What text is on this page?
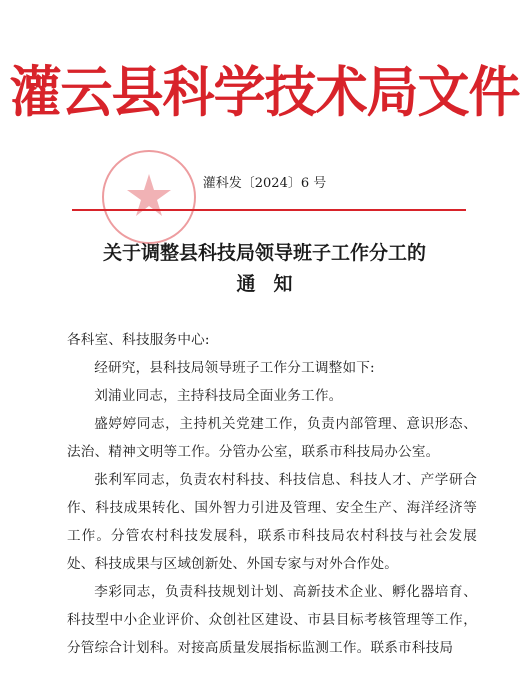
灌云县科学技术局文件
灌科发〔2024〕6 号
关于调整县科技局领导班子工作分工的
通知

各科室、科技服务中心:

经研究，县科技局领导班子工作分工调整如下:

刘浦业同志，主持科技局全面业务工作。

盛婷婷同志，主持机关党建工作，负责内部管理、意识形态、法治、精神文明等工作。分管办公室，联系市科技局办公室。

张利军同志，负责农村科技、科技信息、科技人才、产学研合作、科技成果转化、国外智力引进及管理、安全生产、海洋经济等工作。分管农村科技发展科，联系市科技局农村科技与社会发展处、科技成果与区域创新处、外国专家与对外合作处。

李彩同志，负责科技规划计划、高新技术企业、孵化器培育、科技型中小企业评价、众创社区建设、市县目标考核管理等工作，分管综合计划科。对接高质量发展指标监测工作。联系市科技局
